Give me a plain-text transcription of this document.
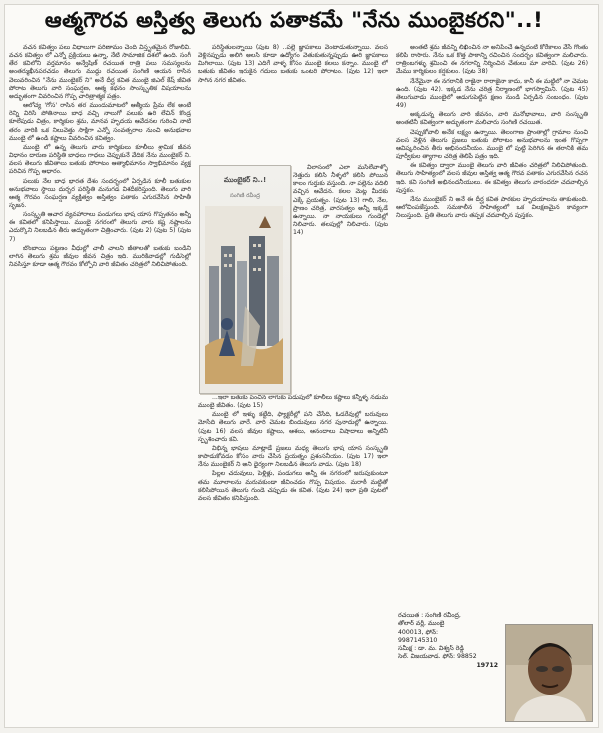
ఆత్మగౌరవ అస్తిత్వ తెలుగు పతాకమే "నేను ముంబైకరని"..!

వచన కవిత్వం పలు విధాలుగా పరిణామం చెంది విస్తృతమైన రోజులివి. వచన కవిత్వం లో ఎన్నో ప్రక్రియలు ఉన్నా, నేటి సామాజిక దశలో ఉంది. సంగీ తేర కవిలోని వర్తమానం అన్వేషిణ్ రచయిత రాత్రి పలు సమస్యలను అంతర్ముఖీనపరచడం తెలుగు ముద్దు రచయిత సంగిణి ఆయన రాసిన వెలువరించిన "నేను ముంబైకర్ ని" అనే దీర్ఘ కవిత ముంబై జిఎల్ కేష్ జీవిత పోరాట తెలుగు వారి సంఘర్షణ, ఆత్మ కథనం సాంస్కృతిక విషయాలను అద్భుతంగా వివరించిన గొప్ప చారిత్రాత్మక పత్రం.

ఆలోచ్య 'గోస' రాసిన తర ముందుమాటలో ఆత్మీయ ప్రేమ లేక అంటే రెన్ని విరిసి పోతినాయి బాధ వచ్చి నాలుగో పలుకు ఉరి లేచిన్ కొండ్ర కూలేపుడు చిత్రం, కార్మికుల శ్రమ, మానవ హృదయ ఆవేదనల గురించి నాటి తరం వారికి ఒక నిలువెత్తు సాక్షిగా ఎన్నో సంవత్సరాల నుంచి అనుభవాల ముంబై లో ఉండి కష్టాలు వివరించిన కవిత్వం.

ముంబై లో ఉన్న తెలుగు వారు కార్మికులు కూలీలు శ్రామిక జీవన విధానం దారుణ పరిస్థితి బాధలు గాధలు చెప్పుకునే వేదిక నేను ముంబైకర్ ని. వలస తెలుగు జీవితాలు బతుకు పోరాటం ఆత్మాభిమానం స్వాభిమానం వ్యక్త పరిచిన గొప్ప ఆధారం.

పలుకు నేల బాధ భారత దేశం సందర్భంలో ఏర్పడిన కూలీ బతుకుల అనుభవాలు స్థాయి దుర్భర పరిస్థితి మనుగడ విశదీకరిస్తుంది. తెలుగు వారి ఆత్మ గౌరవం సంఘర్షణ వ్యక్తిత్వం అస్తిత్వం పతాకం ఎగురవేసిన సాహితీ సృజన.

సంస్కృతి ఆచార వ్యవహారాలు పండుగలు భాష యాస గొప్పతనం అన్నీ ఈ కవితలో కనిపిస్తాయి. ముంబై నగరంలో తెలుగు వారు కష్ట నష్టాలను ఎదుర్కొని నిలబడిన తీరు అద్భుతంగా చిత్రించారు. (పుట 2) (పుట 5) (పుట 7)

బొంబాయి పట్టణం వీధుల్లో చాలీ చాలని జీతాలతో బతుకు బండిని లాగిన తెలుగు శ్రమ జీవుల జీవన చిత్రం ఇది. మురికివాడల్లో గుడిసెల్లో నివసిస్తూ కూడా ఆత్మ గౌరవం కోల్పోని వారి జీవితం చరిత్రలో నిలిచిపోతుంది.

పరిస్థితులన్నాయి (పుట 8) ..పల్లె జ్ఞాపకాలు వెంటాడుతున్నాయి. వలస వెళ్లినప్పుడు అలిగి అలసి కూడా ఉద్యోగం వెతుకుతున్నప్పుడు ఊరి జ్ఞాపకాలు మిగిలాయి. (పుట 13) ఎదిగే వాళ్ళ కోసం ముంబై కలలు కన్నాం. ముంబై లో బతుకు జీవితం ఇరుకైన గదులు బతుకు ఒంటరి పోరాటం. (పుట 12) ఇలా సాగిన నగర జీవితం.

విలాసంలో ఎలా మసిలేవాళ్ళో నెత్తురు కలిసి నీళ్ళలో కలిసి పోయిన కాలం గుర్తుకు వస్తుంది. నా పల్లెను వదిలి వచ్చిన ఆవేదన. కలల మెట్ల మీదకు ఎక్కే ప్రయత్నం. (పుట 13) గాలి, నేల, ప్రాణం చరిత్ర, వారసత్వం అన్నీ ఇక్కడే ఉన్నాయి. నా నాయకులు గుండెల్లో నిలిచారు. తలపుల్లో నిలిచారు. (పుట 14)

...ఇలా బతుకు పంచిన లాగుకు పడుపులో కూలీలు కష్టాలు కన్నీళ్ళ నడుమ ముంబై జీవితం. (పుట 15)

ముంబై లో ఇళ్ళు కట్టేది, ఫ్యాక్టరీల్లో పని చేసేది, ఓడరేవుల్లో బరువులు మోసేది తెలుగు వారే. వారి చెమట బిందువులు నగర పునాదుల్లో ఉన్నాయి. (పుట 16) వలస జీవుల కష్టాలు, ఆశలు, ఆనందాలు విషాదాలు అన్నిటినీ స్పృశించారు కవి.

విభిన్న భాషలు మాట్లాడే ప్రజలు మధ్య తెలుగు భాష యాస సంస్కృతి కాపాడుకోవడం కోసం వారు చేసిన ప్రయత్నం ప్రశంసనీయం. (పుట 17) ఇలా నేను ముంబైకర్ ని అని ధైర్యంగా నిలబడిన తెలుగు వాడు. (పుట 18)

పిల్లల చదువులు, పెళ్లిళ్లు, పండుగలు అన్నీ ఈ నగరంలో జరుపుకుంటూ తమ మూలాలను మరువకుండా జీవించడం గొప్ప విషయం. మరాఠీ మట్టితో కలిసిపోయిన తెలుగు గుండె చప్పుడు ఈ కవిత. (పుట 24) ఇలా ప్రతి పుటలో వలస జీవితం కనిపిస్తుంది.

ముంబైకర్ ని..!
సంగిణి రవీంద్ర

అంతటి శ్రమ జీవన్ని లిఖించిన నా అనిపించే ఉన్నదంటి కోరేకాలం వేసే గొంతు కలిపి రాసారు. నేను ఒక కొత్త పాఠాన్ని రచించిన సందర్భం కవిత్వంగా మలిచారు. రాత్రింబగళ్ళు శ్రమించి ఈ నగరాన్ని నిర్మించిన చేతులు మా వారివి. (పుట 26) మేము కార్మికులం కర్షకులం. (పుట 38)

నేనేమైనా ఈ నగరానికి రాజైనా రారాజైనా కాదు, కానీ ఈ మట్టిలో నా చెమట ఉంది. (పుట 42). ఇక్కడ నేను చరిత్ర నిర్మాణంలో భాగస్వామిని. (పుట 45) తెలుగువాడు ముంబైలో అడుగుపెట్టిన క్షణం నుండి ఏర్పడిన సంబంధం. (పుట 49)

అక్కడున్న తెలుగు వారి జీవనం, వారి మనోభావాలు, వారి సంస్కృతి అంతటినీ కవిత్వంగా అద్భుతంగా మలిచారు సంగిణి రచయిత.

చెప్పుకోవాలి అనేక లక్ష్యం ఉన్నాయి. తెలంగాణ ప్రాంతాల్లో గ్రామాల నుంచి వలస వెళ్లిన తెలుగు ప్రజలు బతుకు పోరాటం అనుభవాలను ఇంత గొప్పగా ఆవిష్కరించిన తీరు అభినందనీయం. ముంబై లో పుట్టి పెరిగిన ఈ తరానికి తమ పూర్వీకుల త్యాగాల చరిత్ర తెలిపే పత్రం ఇది.

ఈ కవిత్వం ద్వారా ముంబై తెలుగు వారి జీవితం చరిత్రలో నిలిచిపోతుంది. తెలుగు సాహిత్యంలో వలస జీవుల అస్తిత్వ ఆత్మ గౌరవ పతాకం ఎగురవేసిన రచన ఇది. కవి సంగిణి అభినందనీయులు. ఈ కవిత్వం తెలుగు వారందరూ చదవాల్సిన పుస్తకం.

నేను ముంబైకర్ ని అనే ఈ దీర్ఘ కవిత పాఠకుల హృదయాలను తాకుతుంది. ఆలోచింపజేస్తుంది. సమకాలీన సాహిత్యంలో ఒక విలక్షణమైన కావ్యంగా నిలుస్తుంది. ప్రతి తెలుగు వారు తప్పక చదవాల్సిన పుస్తకం.

రచయిత : సంగిణి రవీంద్ర,
తోలార్ వర్లీ, ముంబై
400013, ఫోన్:
9987145310
సమీక్ష : డా. మ. విశ్వస్ రెడ్డి
సెల్. విజయవాడ. ఫోన్: 98852
19712
